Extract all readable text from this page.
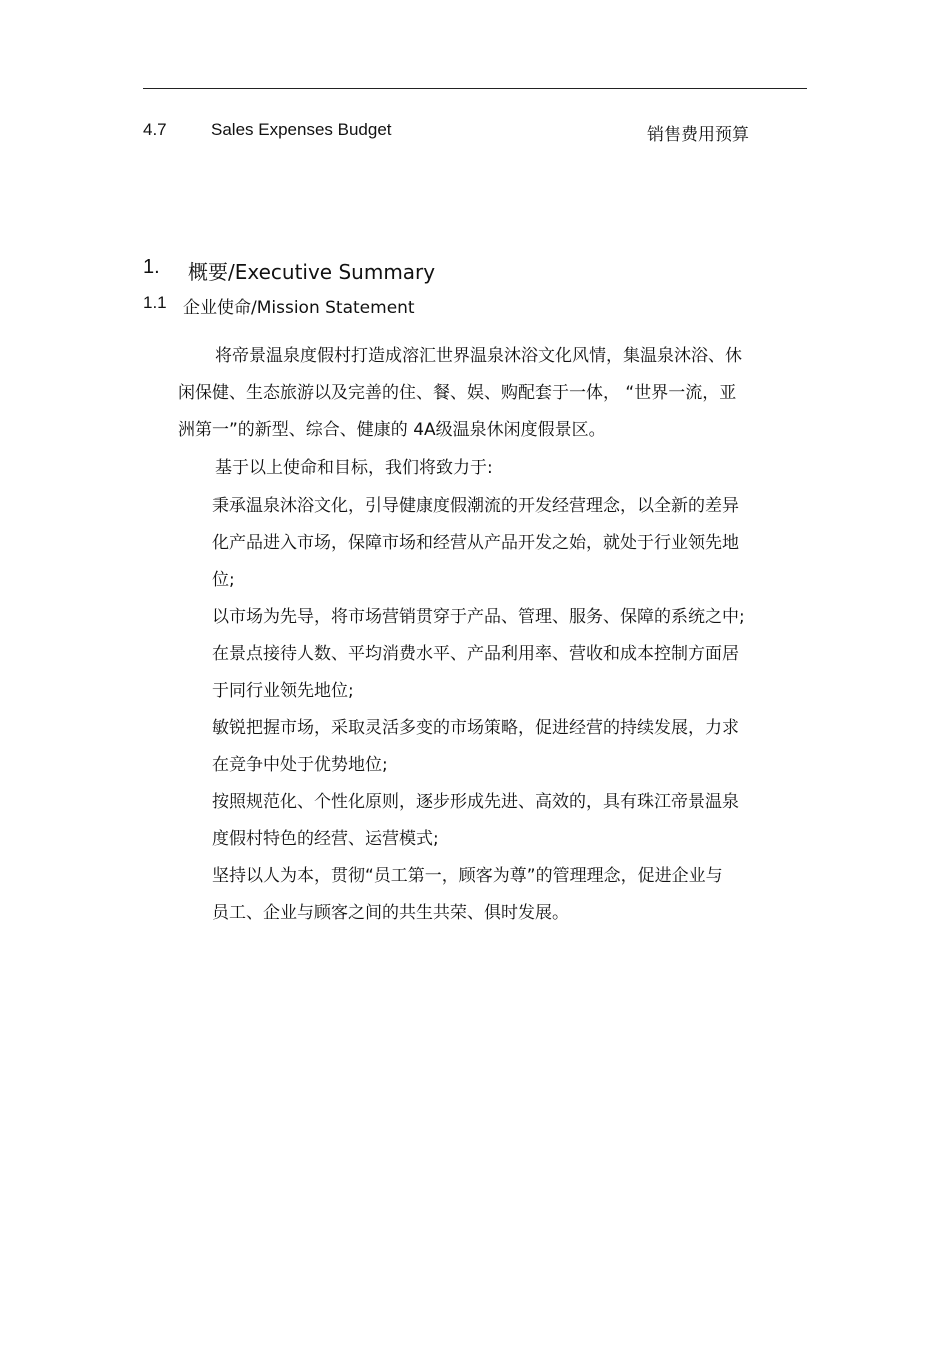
4.7	Sales Expenses Budget	销售费用预算
1. 概要/Executive Summary
1.1 企业使命/Mission Statement
将帝景温泉度假村打造成溶汇世界温泉沐浴文化风情，集温泉沐浴、休
闲保健、生态旅游以及完善的住、餐、娱、购配套于一体， “世界一流，亚
洲第一”的新型、综合、健康的 4A级温泉休闲度假景区。
基于以上使命和目标，我们将致力于:
秉承温泉沐浴文化，引导健康度假潮流的开发经营理念，以全新的差异
化产品进入市场，保障市场和经营从产品开发之始，就处于行业领先地
位;
以市场为先导，将市场营销贯穿于产品、管理、服务、保障的系统之中;
在景点接待人数、平均消费水平、产品利用率、营收和成本控制方面居
于同行业领先地位;
敏锐把握市场，采取灵活多变的市场策略，促进经营的持续发展，力求
在竞争中处于优势地位;
按照规范化、个性化原则，逐步形成先进、高效的，具有珠江帝景温泉
度假村特色的经营、运营模式;
坚持以人为本，贯彻“员工第一，顾客为尊”的管理理念，促进企业与
员工、企业与顾客之间的共生共荣、俱时发展。
